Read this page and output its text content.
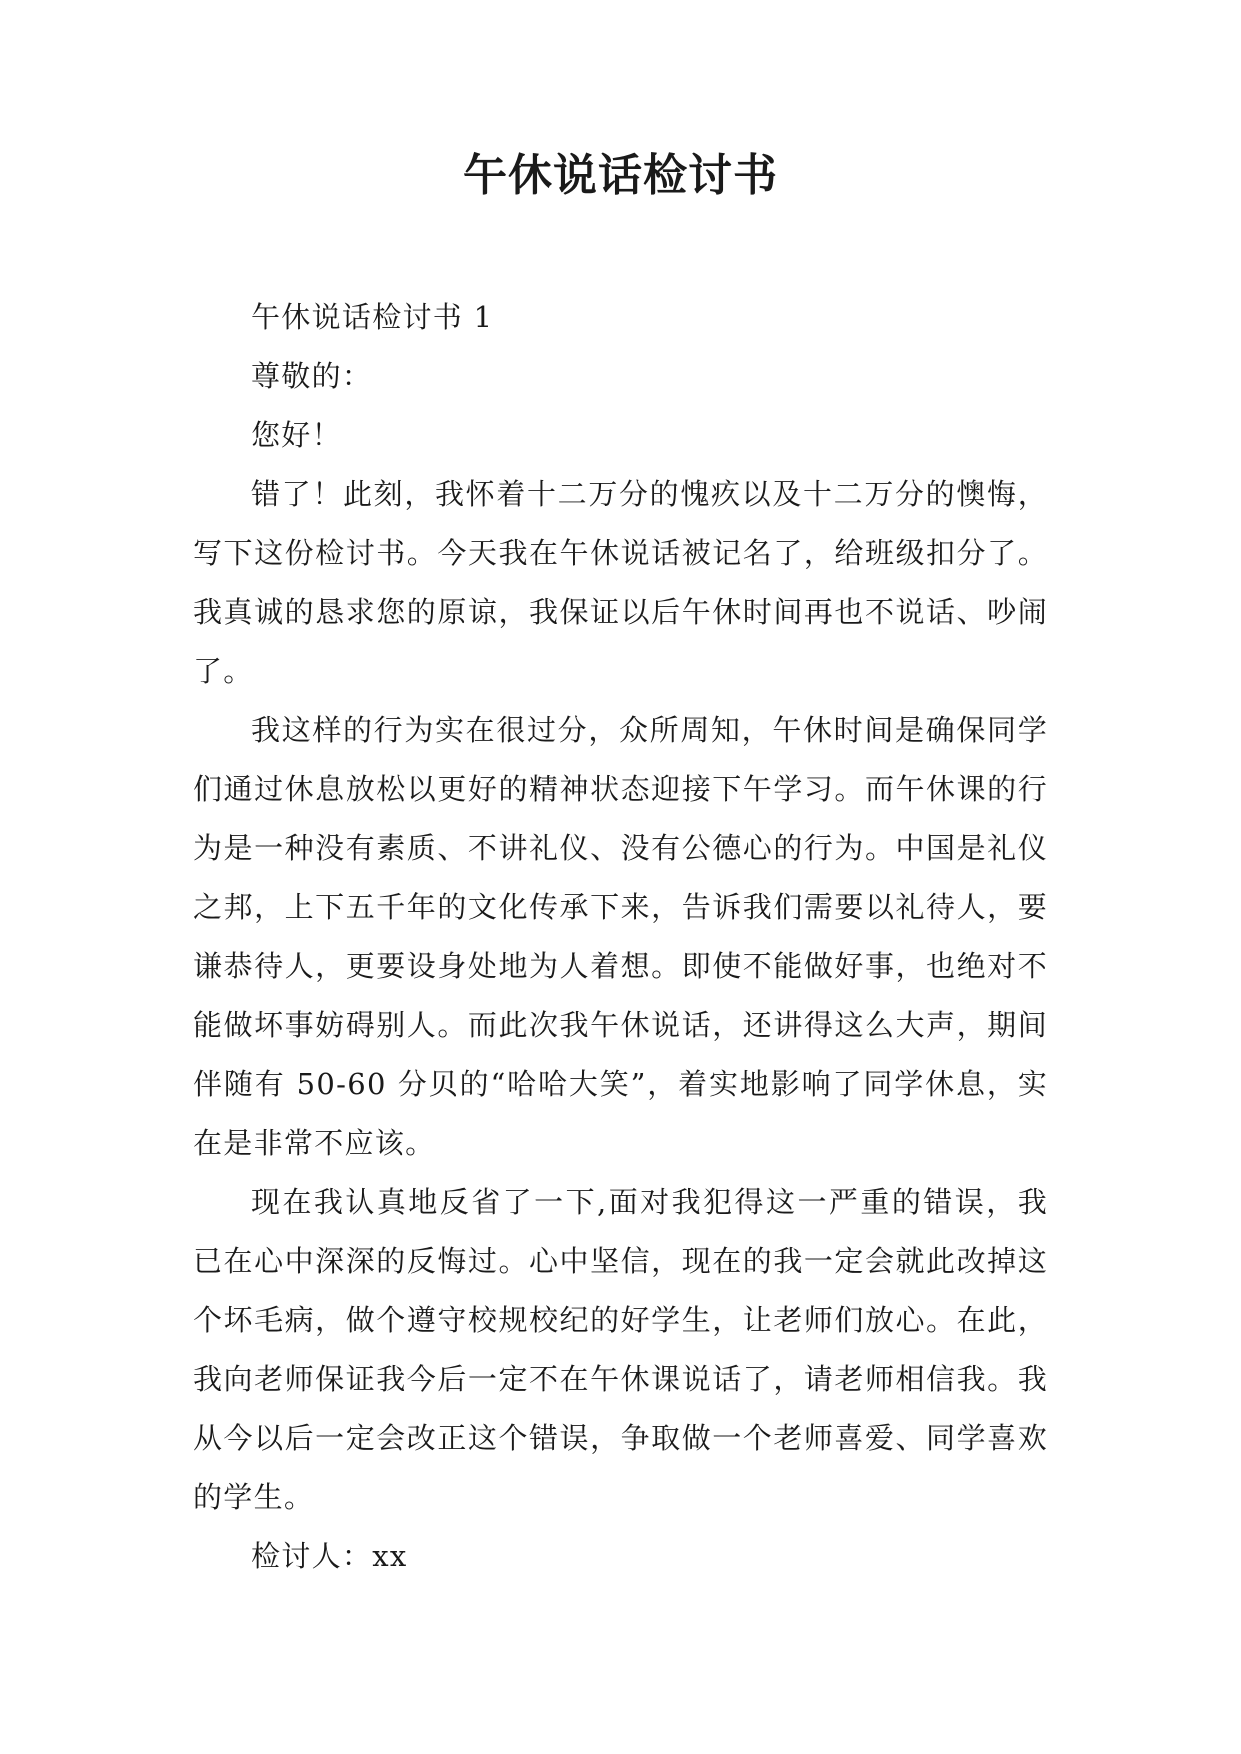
午休说话检讨书

午休说话检讨书 1

尊敬的：

您好！

错了！此刻，我怀着十二万分的愧疚以及十二万分的懊悔，写下这份检讨书。今天我在午休说话被记名了，给班级扣分了。我真诚的恳求您的原谅，我保证以后午休时间再也不说话、吵闹了。

我这样的行为实在很过分，众所周知，午休时间是确保同学们通过休息放松以更好的精神状态迎接下午学习。而午休课的行为是一种没有素质、不讲礼仪、没有公德心的行为。中国是礼仪之邦，上下五千年的文化传承下来，告诉我们需要以礼待人，要谦恭待人，更要设身处地为人着想。即使不能做好事，也绝对不能做坏事妨碍别人。而此次我午休说话，还讲得这么大声，期间伴随有 50-60 分贝的“哈哈大笑”，着实地影响了同学休息，实在是非常不应该。

现在我认真地反省了一下,面对我犯得这一严重的错误，我已在心中深深的反悔过。心中坚信，现在的我一定会就此改掉这个坏毛病，做个遵守校规校纪的好学生，让老师们放心。在此，我向老师保证我今后一定不在午休课说话了，请老师相信我。我从今以后一定会改正这个错误，争取做一个老师喜爱、同学喜欢的学生。

检讨人：xx
